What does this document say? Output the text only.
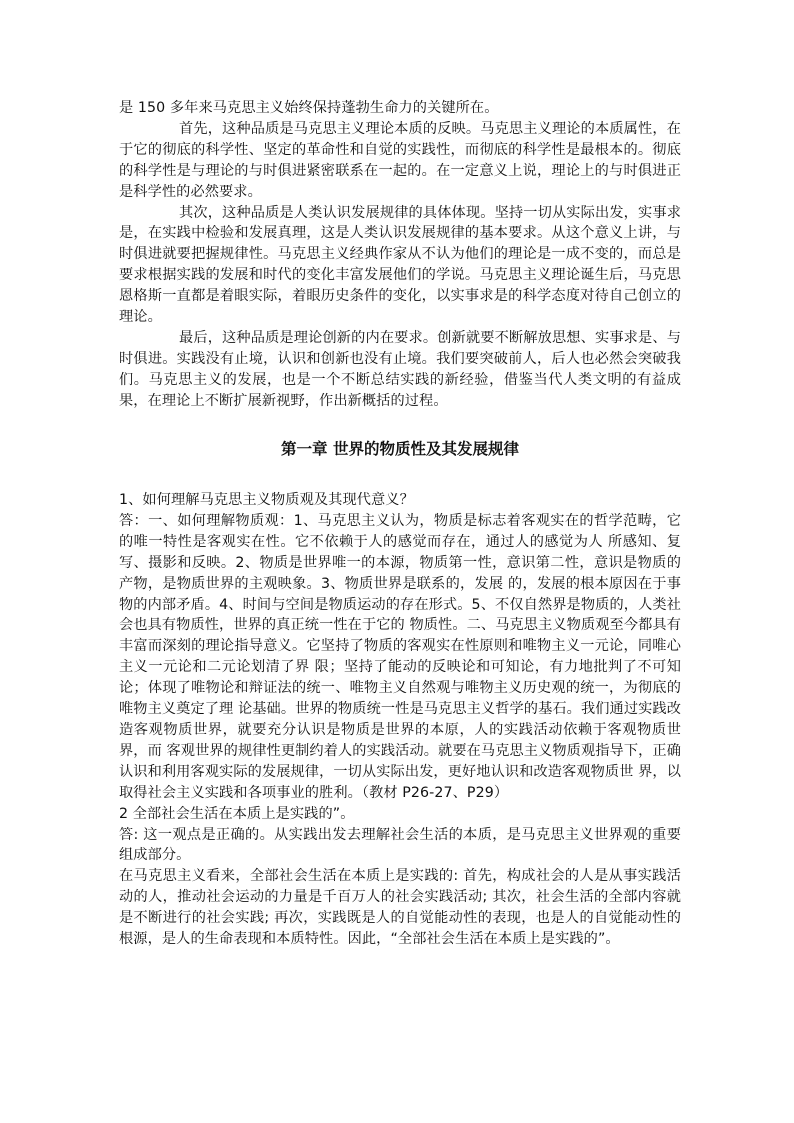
是 150 多年来马克思主义始终保持蓬勃生命力的关键所在。

首先，这种品质是马克思主义理论本质的反映。马克思主义理论的本质属性，在于它的彻底的科学性、坚定的革命性和自觉的实践性，而彻底的科学性是最根本的。彻底的科学性是与理论的与时俱进紧密联系在一起的。在一定意义上说，理论上的与时俱进正是科学性的必然要求。

其次，这种品质是人类认识发展规律的具体体现。坚持一切从实际出发，实事求是，在实践中检验和发展真理，这是人类认识发展规律的基本要求。从这个意义上讲，与时俱进就要把握规律性。马克思主义经典作家从不认为他们的理论是一成不变的，而总是要求根据实践的发展和时代的变化丰富发展他们的学说。马克思主义理论诞生后，马克思恩格斯一直都是着眼实际，着眼历史条件的变化，以实事求是的科学态度对待自己创立的理论。

最后，这种品质是理论创新的内在要求。创新就要不断解放思想、实事求是、与时俱进。实践没有止境，认识和创新也没有止境。我们要突破前人，后人也必然会突破我们。马克思主义的发展，也是一个不断总结实践的新经验，借鉴当代人类文明的有益成果，在理论上不断扩展新视野，作出新概括的过程。

第一章 世界的物质性及其发展规律

1、如何理解马克思主义物质观及其现代意义？

答：一、如何理解物质观：1、马克思主义认为，物质是标志着客观实在的哲学范畴，它的唯一特性是客观实在性。它不依赖于人的感觉而存在，通过人的感觉为人 所感知、复写、摄影和反映。2、物质是世界唯一的本源，物质第一性，意识第二性，意识是物质的产物，是物质世界的主观映象。3、物质世界是联系的，发展 的，发展的根本原因在于事物的内部矛盾。4、时间与空间是物质运动的存在形式。5、不仅自然界是物质的，人类社会也具有物质性，世界的真正统一性在于它的 物质性。二、马克思主义物质观至今都具有丰富而深刻的理论指导意义。它坚持了物质的客观实在性原则和唯物主义一元论，同唯心主义一元论和二元论划清了界 限；坚持了能动的反映论和可知论，有力地批判了不可知论；体现了唯物论和辩证法的统一、唯物主义自然观与唯物主义历史观的统一，为彻底的唯物主义奠定了理 论基础。世界的物质统一性是马克思主义哲学的基石。我们通过实践改造客观物质世界，就要充分认识是物质是世界的本原，人的实践活动依赖于客观物质世界，而 客观世界的规律性更制约着人的实践活动。就要在马克思主义物质观指导下，正确认识和利用客观实际的发展规律，一切从实际出发，更好地认识和改造客观物质世 界，以取得社会主义实践和各项事业的胜利。（教材 P26-27、P29）

2 全部社会生活在本质上是实践的”。

答: 这一观点是正确的。从实践出发去理解社会生活的本质，是马克思主义世界观的重要组成部分。

在马克思主义看来，全部社会生活在本质上是实践的: 首先，构成社会的人是从事实践活动的人，推动社会运动的力量是千百万人的社会实践活动; 其次，社会生活的全部内容就是不断进行的社会实践; 再次，实践既是人的自觉能动性的表现，也是人的自觉能动性的根源，是人的生命表现和本质特性。因此，“全部社会生活在本质上是实践的”。
